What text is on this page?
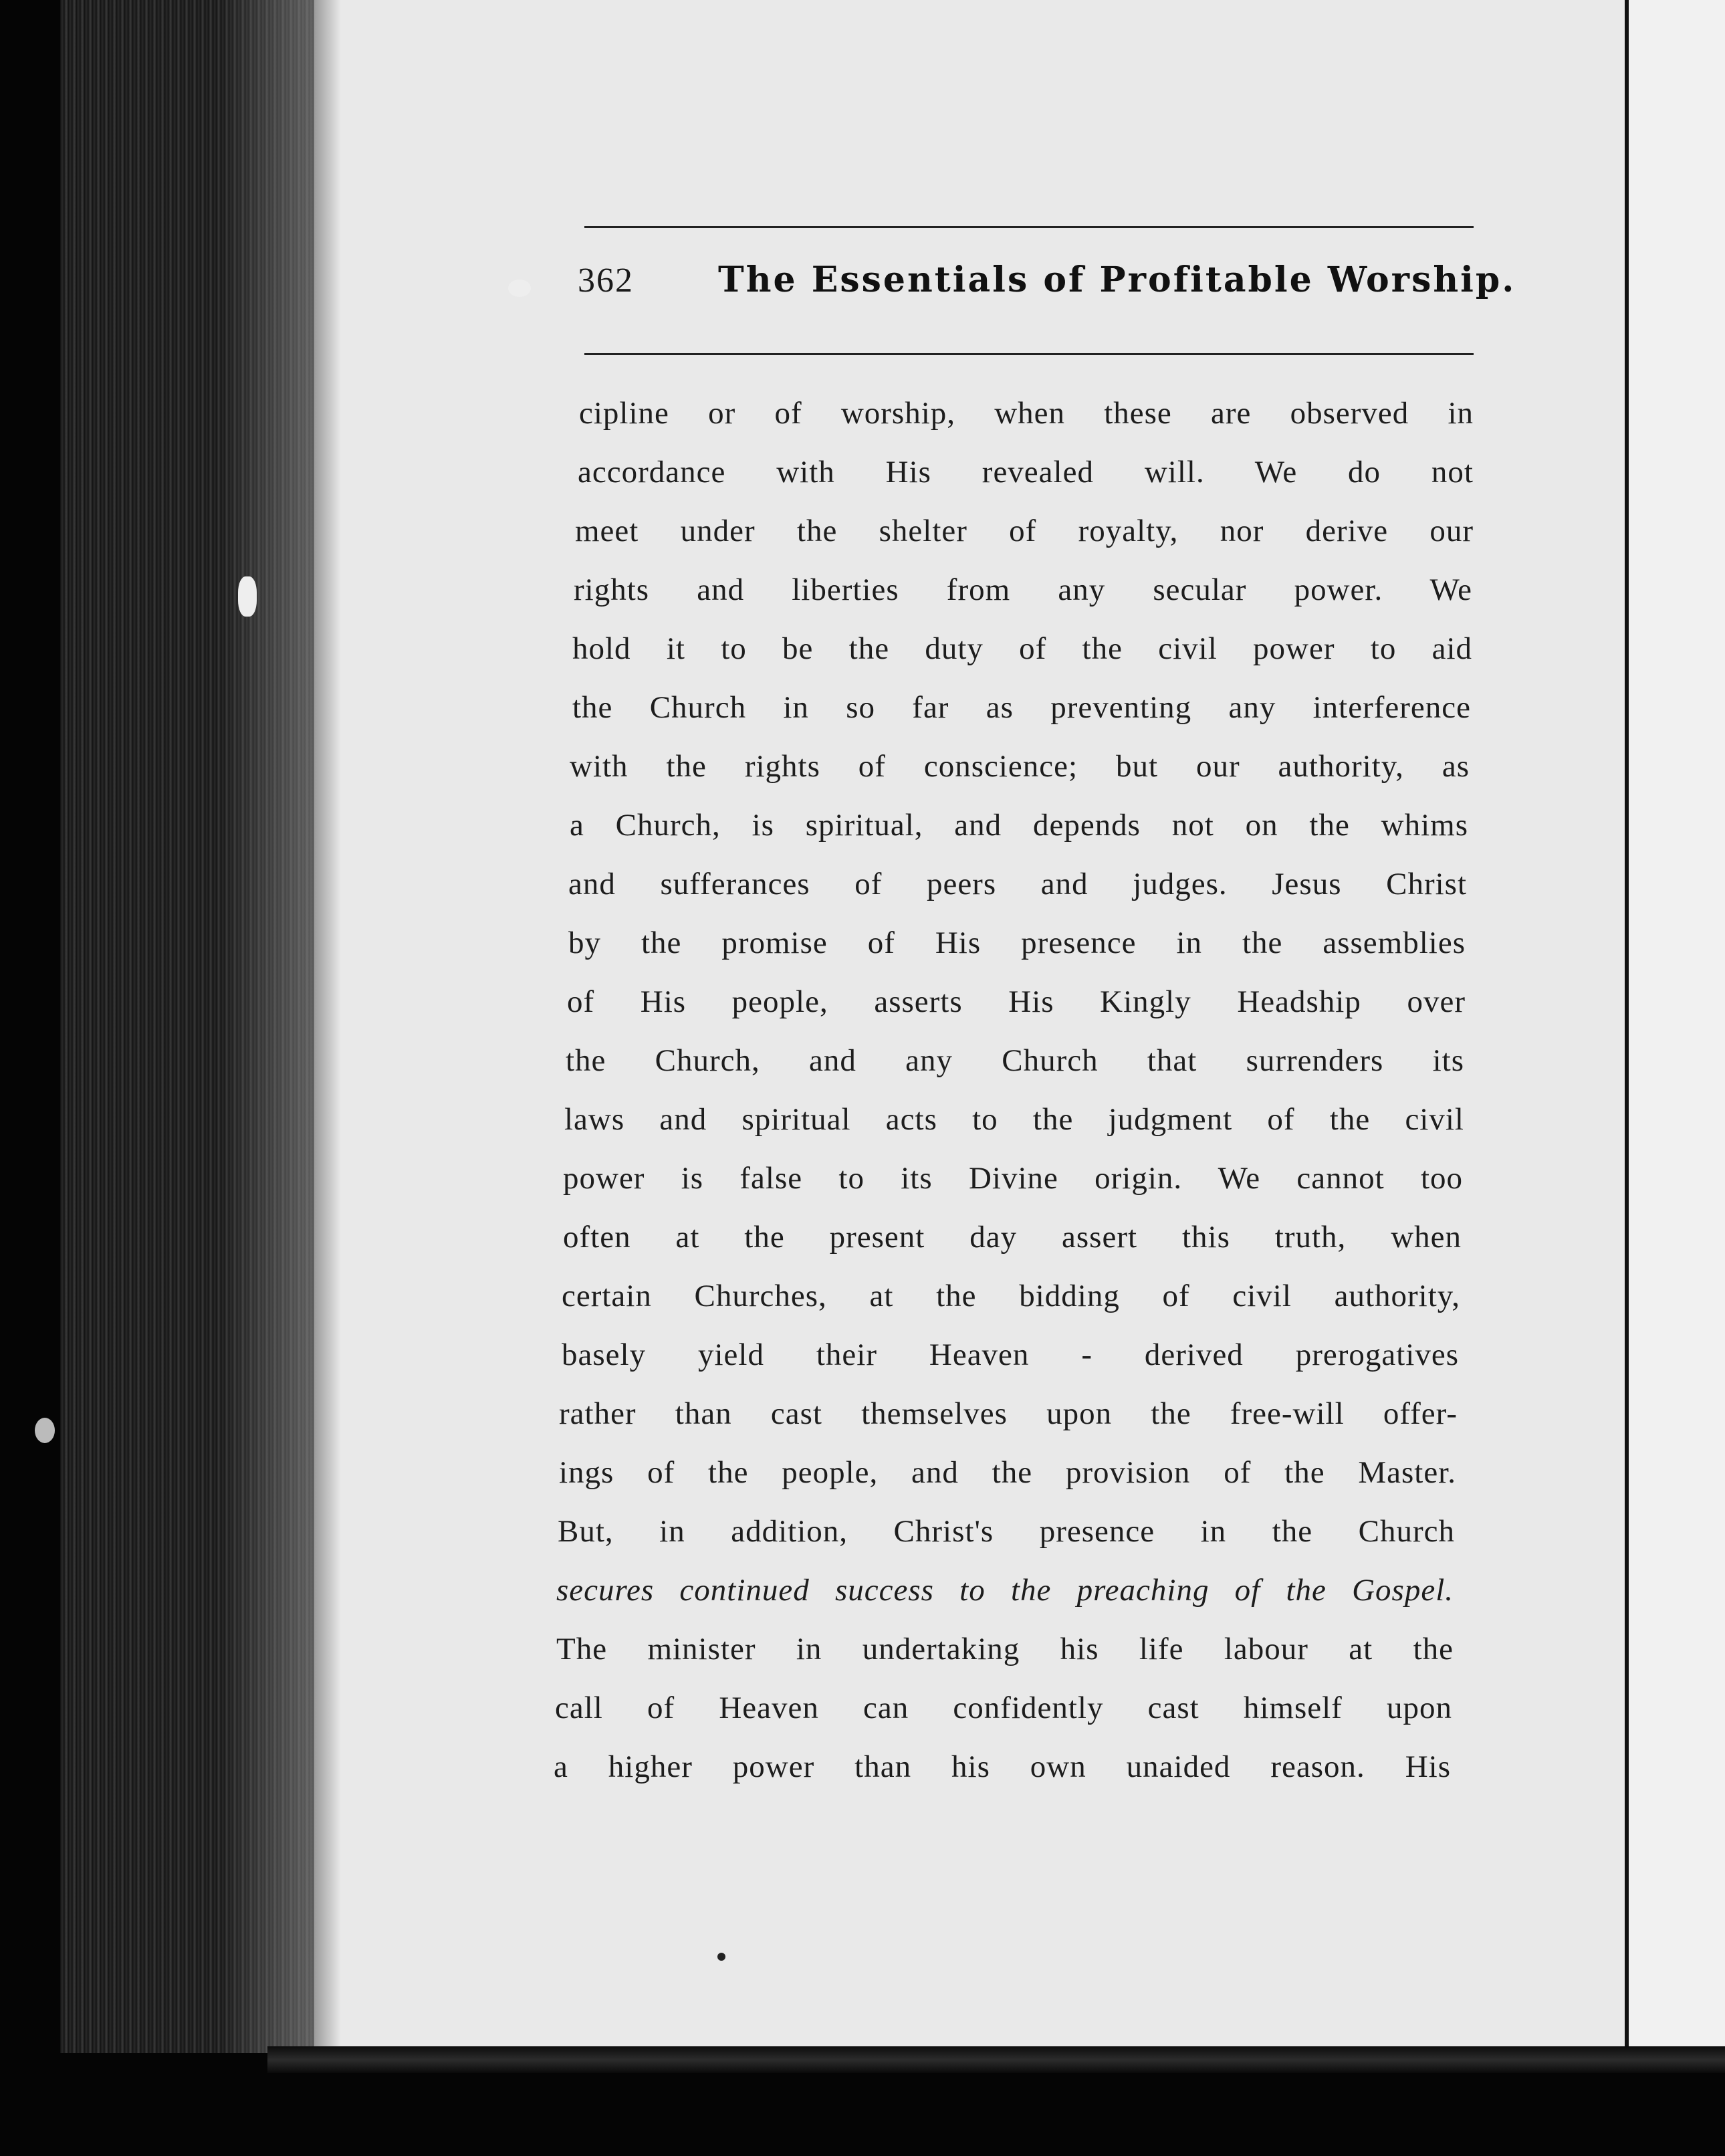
362 The Essentials of Profitable Worship.
cipline or of worship, when these are observed in
accordance with His revealed will. We do not
meet under the shelter of royalty, nor derive our
rights and liberties from any secular power. We
hold it to be the duty of the civil power to aid
the Church in so far as preventing any interference
with the rights of conscience; but our authority, as
a Church, is spiritual, and depends not on the whims
and sufferances of peers and judges. Jesus Christ
by the promise of His presence in the assemblies
of His people, asserts His Kingly Headship over
the Church, and any Church that surrenders its
laws and spiritual acts to the judgment of the civil
power is false to its Divine origin. We cannot too
often at the present day assert this truth, when
certain Churches, at the bidding of civil authority,
basely yield their Heaven - derived prerogatives
rather than cast themselves upon the free-will offer-
ings of the people, and the provision of the Master.
But, in addition, Christ's presence in the Church
secures continued success to the preaching of the Gospel.
The minister in undertaking his life labour at the
call of Heaven can confidently cast himself upon
a higher power than his own unaided reason. His
